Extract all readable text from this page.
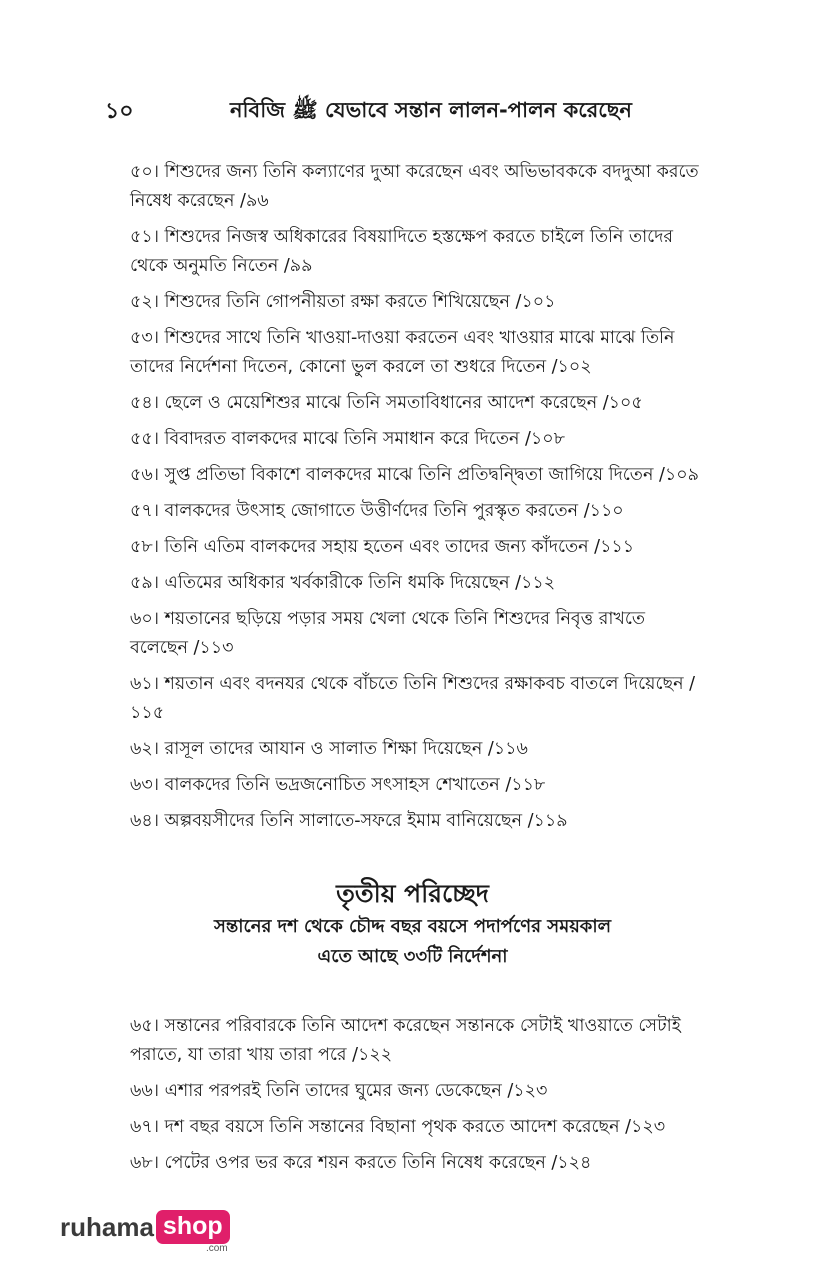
১০	নবিজি ﷺ যেভাবে সন্তান লালন-পালন করেছেন

৫০। শিশুদের জন্য তিনি কল্যাণের দুআ করেছেন এবং অভিভাবককে বদদুআ করতে নিষেধ করেছেন /৯৬

৫১। শিশুদের নিজস্ব অধিকারের বিষয়াদিতে হস্তক্ষেপ করতে চাইলে তিনি তাদের থেকে অনুমতি নিতেন /৯৯

৫২। শিশুদের তিনি গোপনীয়তা রক্ষা করতে শিখিয়েছেন /১০১

৫৩। শিশুদের সাথে তিনি খাওয়া-দাওয়া করতেন এবং খাওয়ার মাঝে মাঝে তিনি তাদের নির্দেশনা দিতেন, কোনো ভুল করলে তা শুধরে দিতেন /১০২

৫৪। ছেলে ও মেয়েশিশুর মাঝে তিনি সমতাবিধানের আদেশ করেছেন /১০৫

৫৫। বিবাদরত বালকদের মাঝে তিনি সমাধান করে দিতেন /১০৮

৫৬। সুপ্ত প্রতিভা বিকাশে বালকদের মাঝে তিনি প্রতিদ্বন্দ্বিতা জাগিয়ে দিতেন /১০৯

৫৭। বালকদের উৎসাহ জোগাতে উত্তীর্ণদের তিনি পুরস্কৃত করতেন /১১০

৫৮। তিনি এতিম বালকদের সহায় হতেন এবং তাদের জন্য কাঁদতেন /১১১

৫৯। এতিমের অধিকার খর্বকারীকে তিনি ধমকি দিয়েছেন /১১২

৬০। শয়তানের ছড়িয়ে পড়ার সময় খেলা থেকে তিনি শিশুদের নিবৃত্ত রাখতে বলেছেন /১১৩

৬১। শয়তান এবং বদনযর থেকে বাঁচতে তিনি শিশুদের রক্ষাকবচ বাতলে দিয়েছেন /১১৫

৬২। রাসূল তাদের আযান ও সালাত শিক্ষা দিয়েছেন /১১৬

৬৩। বালকদের তিনি ভদ্রজনোচিত সৎসাহস শেখাতেন /১১৮

৬৪। অল্পবয়সীদের তিনি সালাতে-সফরে ইমাম বানিয়েছেন /১১৯

তৃতীয় পরিচ্ছেদ
সন্তানের দশ থেকে চৌদ্দ বছর বয়সে পদার্পণের সময়কাল
এতে আছে ৩৩টি নির্দেশনা

৬৫। সন্তানের পরিবারকে তিনি আদেশ করেছেন সন্তানকে সেটাই খাওয়াতে সেটাই পরাতে, যা তারা খায় তারা পরে /১২২

৬৬। এশার পরপরই তিনি তাদের ঘুমের জন্য ডেকেছেন /১২৩

৬৭। দশ বছর বয়সে তিনি সন্তানের বিছানা পৃথক করতে আদেশ করেছেন /১২৩

৬৮। পেটের ওপর ভর করে শয়ন করতে তিনি নিষেধ করেছেন /১২৪

ruhama shop
.com
